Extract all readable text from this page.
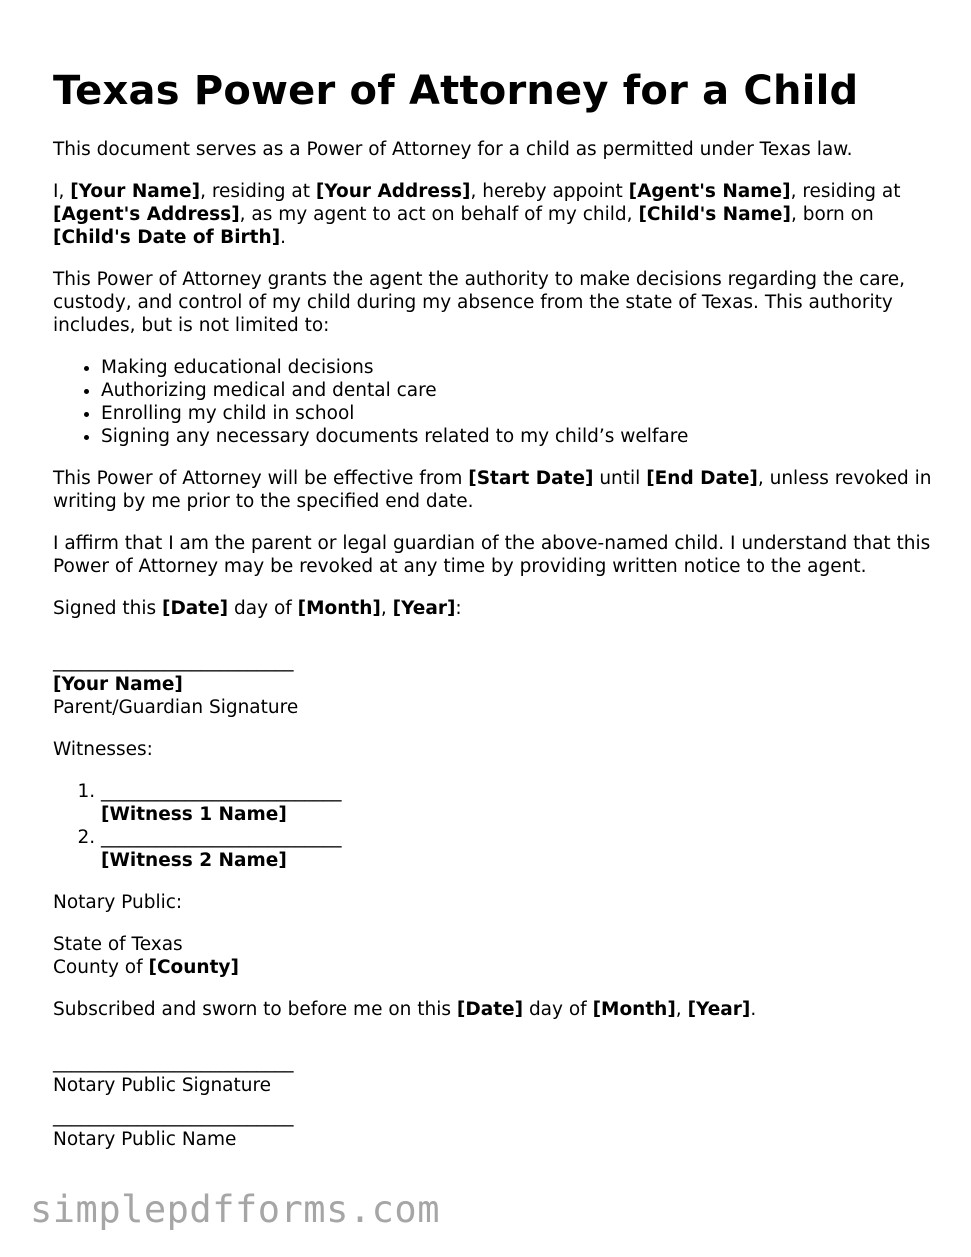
Texas Power of Attorney for a Child

This document serves as a Power of Attorney for a child as permitted under Texas law.

I, [Your Name], residing at [Your Address], hereby appoint [Agent's Name], residing at [Agent's Address], as my agent to act on behalf of my child, [Child's Name], born on [Child's Date of Birth].

This Power of Attorney grants the agent the authority to make decisions regarding the care, custody, and control of my child during my absence from the state of Texas. This authority includes, but is not limited to:

• Making educational decisions
• Authorizing medical and dental care
• Enrolling my child in school
• Signing any necessary documents related to my child’s welfare

This Power of Attorney will be effective from [Start Date] until [End Date], unless revoked in writing by me prior to the specified end date.

I affirm that I am the parent or legal guardian of the above-named child. I understand that this Power of Attorney may be revoked at any time by providing written notice to the agent.

Signed this [Date] day of [Month], [Year]:

__________________________
[Your Name]
Parent/Guardian Signature

Witnesses:

1. __________________________
[Witness 1 Name]
2. __________________________
[Witness 2 Name]

Notary Public:

State of Texas
County of [County]

Subscribed and sworn to before me on this [Date] day of [Month], [Year].

__________________________
Notary Public Signature
__________________________
Notary Public Name
simplepdfforms.com
